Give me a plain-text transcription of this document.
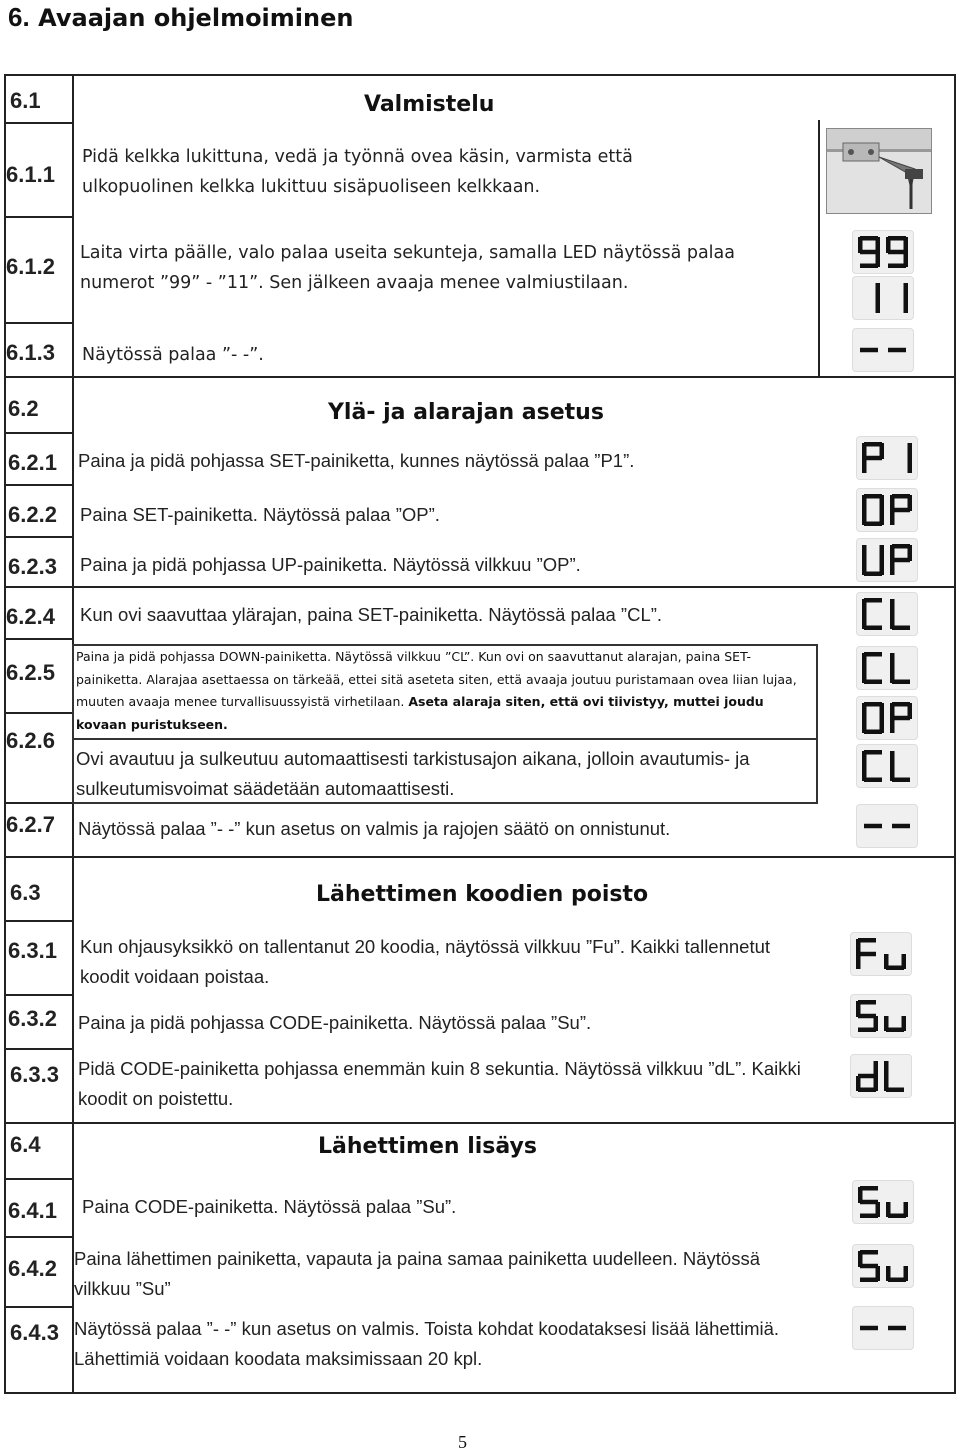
6. Avaajan ohjelmoiminen
6.1
6.1.1
6.1.2
6.1.3
6.2
6.2.1
6.2.2
6.2.3
6.2.4
6.2.5
6.2.6
6.2.7
6.3
6.3.1
6.3.2
6.3.3
6.4
6.4.1
6.4.2
6.4.3
Valmistelu
Ylä- ja alarajan asetus
Lähettimen koodien poisto
Lähettimen lisäys
Pidä kelkka lukittuna, vedä ja työnnä ovea käsin, varmista että ulkopuolinen kelkka lukittuu sisäpuoliseen kelkkaan.
Laita virta päälle, valo palaa useita sekunteja, samalla LED näytössä palaa numerot ”99” - ”11”. Sen jälkeen avaaja menee valmiustilaan.
Näytössä palaa ”- -”.
Paina ja pidä pohjassa SET-painiketta, kunnes näytössä palaa ”P1”.
Paina SET-painiketta. Näytössä palaa ”OP”.
Paina ja pidä pohjassa UP-painiketta. Näytössä vilkkuu ”OP”.
Kun ovi saavuttaa ylärajan, paina SET-painiketta. Näytössä palaa ”CL”.
Paina ja pidä pohjassa DOWN-painiketta. Näytössä vilkkuu ”CL”. Kun ovi on saavuttanut alarajan, paina SET-painiketta. Alarajaa asettaessa on tärkeää, ettei sitä aseteta siten, että avaaja joutuu puristamaan ovea liian lujaa, muuten avaaja menee turvallisuussyistä virhetilaan. Aseta alaraja siten, että ovi tiivistyy, muttei joudu kovaan puristukseen.
Ovi avautuu ja sulkeutuu automaattisesti tarkistusajon aikana, jolloin avautumis- ja sulkeutumisvoimat säädetään automaattisesti.
Näytössä palaa ”- -” kun asetus on valmis ja rajojen säätö on onnistunut.
Kun ohjausyksikkö on tallentanut 20 koodia, näytössä vilkkuu ”Fu”. Kaikki tallennetut koodit voidaan poistaa.
Paina ja pidä pohjassa CODE-painiketta. Näytössä palaa ”Su”.
Pidä CODE-painiketta pohjassa enemmän kuin 8 sekuntia. Näytössä vilkkuu ”dL”. Kaikki koodit on poistettu.
Paina CODE-painiketta. Näytössä palaa ”Su”.
Paina lähettimen painiketta, vapauta ja paina samaa painiketta uudelleen. Näytössä vilkkuu ”Su”
Näytössä palaa ”- -” kun asetus on valmis. Toista kohdat koodataksesi lisää lähettimiä. Lähettimiä voidaan koodata maksimissaan 20 kpl.
5
